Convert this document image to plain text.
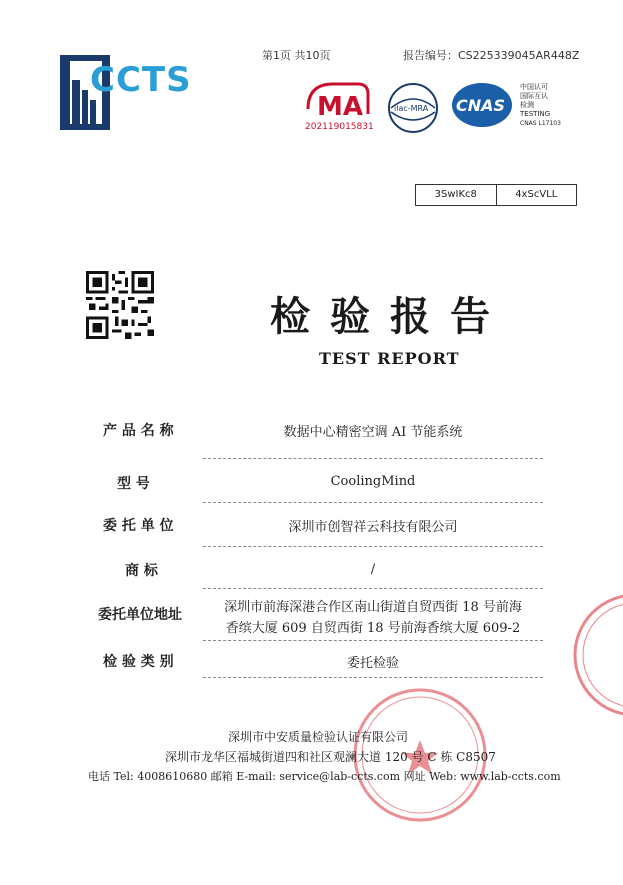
CCTS
第1页 共10页	报告编号：CS225339045AR448Z
MA
202119015831
ilac-MRA CNAS
中国认可
国际互认
检测
TESTING
CNAS L17103
3SwIKc8	4xScVLL
检验报告
TEST REPORT
产 品 名 称	数据中心精密空调 AI 节能系统
型 号	CoolingMind
委 托 单 位	深圳市创智祥云科技有限公司
商 标	/
委托单位地址	深圳市前海深港合作区南山街道自贸西街 18 号前海
香缤大厦 609 自贸西街 18 号前海香缤大厦 609-2
检 验 类 别	委托检验
深圳市中安质量检验认证有限公司
深圳市龙华区福城街道四和社区观澜大道 120 号 C 栋 C8507
电话 Tel: 4008610680 邮箱 E-mail: service@lab-ccts.com 网址 Web: www.lab-ccts.com
